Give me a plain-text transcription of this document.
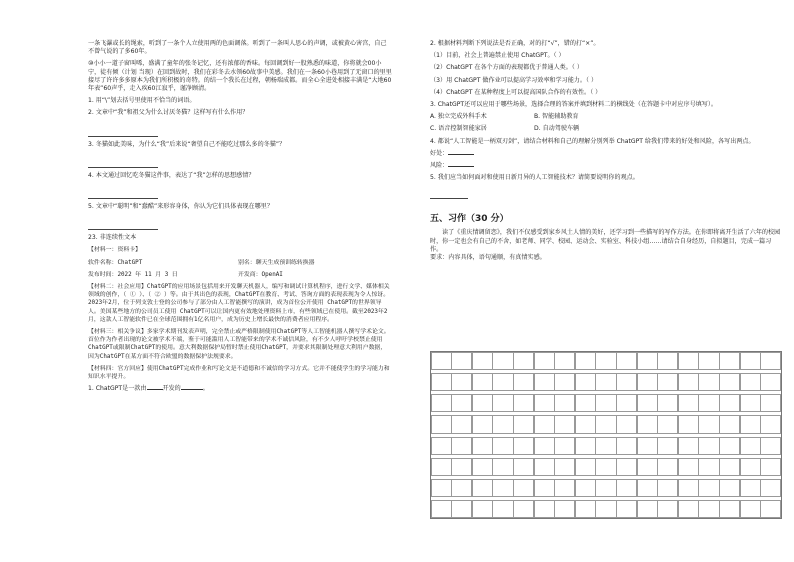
一条飞瀑或长的绳索，听到了一条个人立使用两的色面调落。听到了一条叫人思心的声调，或被黄心害宫，自己不曾气说的了多60年。

⑩小小一道子窗叫唏，盛满了童年的张冬记忆，还有浓郁的香味。每回调到好一股熟悉的味道，你将就会00小宁，徒有倾（计划 当现）在回到故时，我们在彩冬去水领60故事中美感。我们在一条60小巷用到了无窗口的里里接尽了许许多多原本为我们所积极的奇特。的结一个我长在过程，朝杨瑞成都。而全心全进处相接丰满是“大地60年表”60声乎，走入疾60江寂乎，谨净顾清。

1. 用“\”划去括号里使用不恰当的词语。

2. 文章中“我”和祖父为什么讨厌冬猫？这样写有什么作用？

3. 冬猫如此美味，为什么“我”后来说“奢望自己不能吃过那么多的冬猫”？

4. 本文通过回忆吃冬猫这件事，表达了“我”怎样的思想感情？

5. 文章中“聪明”和“蠢酷”来形容身体，你认为它们具体表现在哪里？

23. 非连续性文本

【材料一：资料卡】

软件名称：ChatGPT	别名：聊天生成预训练转换器
发布时间：2022 年 11 月 3 日	开发商：OpenAI

【材料二：社会应用】ChatGPT的应用场景包括用来开发聊天机器人，编写和调试计算机程序，进行文学、媒体相关领域的创作，（ ① ）、（ ② ）等。由于其出色的表现，ChatGPT在教育、考试、答询方面的表现表现为令人惊讶。2023年2月，位于列支敦士登的公司参与了部分由人工智能撰写的演讲，成为首位公开使用 ChatGPT的世界领导人。美国某些地方的公司员工使用 ChatGPT可以让国内更有效地处理资料上市，有些领域已在使用。截至2023年2月，这款人工智能软件已在全球范围拥有1亿名用户，成为历史上增长最快的消费者应用程序。

【材料三：相关争议】多家学术期刊发表声明，完全禁止或严格限制使用ChatGPT等人工智能机器人撰写学术论文。首位作为作者出现的论文被学术不端，鉴于可能滥用人工智能带来的学术不诚信风险，有不少人呼吁学校禁止使用ChatGPT或限制ChatGPT的使用。意大利数据保护局暂时禁止使用ChatGPT，并要求其限制处理意大利用户数据，因为ChatGPT在某方面不符合欧盟的数据保护法规要求。

【材料四：官方回应】使用ChatGPT完成作业和写论文是不道德和不诚信的学习方式。它并不能使学生的学习能力和知识水平提升。

1. ChatGPT是一款由	开发的	。

2. 根据材料判断下列说法是否正确，对的打“√”，错的打“×”。

（1）目前，社会上普遍禁止使用 ChatGPT。（ ）

（2）ChatGPT 在各个方面的表现都优于普通人类。（ ）

（3）用 ChatGPT 做作业可以提高学习效率和学习能力。（ ）

（4）ChatGPT 在某种程度上可以提高国队合作的有效性。（ ）

3. ChatGPT还可以应用于哪些场景，选择合理的答案并填到材料二的横线处（在答题卡中对应序号填写）。

A. 独立完成外科手术	B. 智能辅助教育
C. 语音控制智能家居	D. 自动驾驶车辆

4. 都说“人工智能是一柄双刃剑”，请结合材料和自己的理解分别列举 ChatGPT 给我们带来的好处和风险，各写出两点。

好处：

风险：

5. 我们应当如何面对和使用日新月异的人工智能技术？请简要说明你的观点。

五、习作（30 分）

读了《重庆情调留恋》，我们不仅感受到家乡风土人情的美好，还学习到一些描写的写作方法。在你即将离开生活了六年的校园时，你一定也会有自己的不舍，如老师、同学、校园、运动会、实验室、科技小组……请结合自身经历，自拟题目，完成一篇习作。

要求：内容具体，语句通顺，有真情实感。
